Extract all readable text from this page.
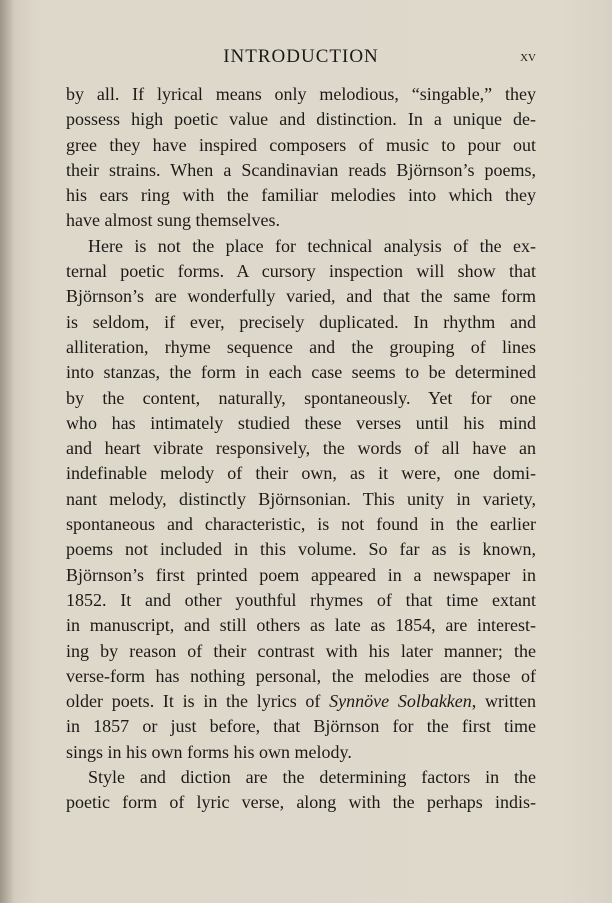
INTRODUCTION	xv
by all. If lyrical means only melodious, “singable,” they
possess high poetic value and distinction. In a unique de-
gree they have inspired composers of music to pour out
their strains. When a Scandinavian reads Björnson’s poems,
his ears ring with the familiar melodies into which they
have almost sung themselves.
Here is not the place for technical analysis of the ex-
ternal poetic forms. A cursory inspection will show that
Björnson’s are wonderfully varied, and that the same form
is seldom, if ever, precisely duplicated. In rhythm and
alliteration, rhyme sequence and the grouping of lines
into stanzas, the form in each case seems to be determined
by the content, naturally, spontaneously. Yet for one
who has intimately studied these verses until his mind
and heart vibrate responsively, the words of all have an
indefinable melody of their own, as it were, one domi-
nant melody, distinctly Björnsonian. This unity in variety,
spontaneous and characteristic, is not found in the earlier
poems not included in this volume. So far as is known,
Björnson’s first printed poem appeared in a newspaper in
1852. It and other youthful rhymes of that time extant
in manuscript, and still others as late as 1854, are interest-
ing by reason of their contrast with his later manner; the
verse-form has nothing personal, the melodies are those of
older poets. It is in the lyrics of Synnöve Solbakken, written
in 1857 or just before, that Björnson for the first time
sings in his own forms his own melody.
Style and diction are the determining factors in the
poetic form of lyric verse, along with the perhaps indis-
